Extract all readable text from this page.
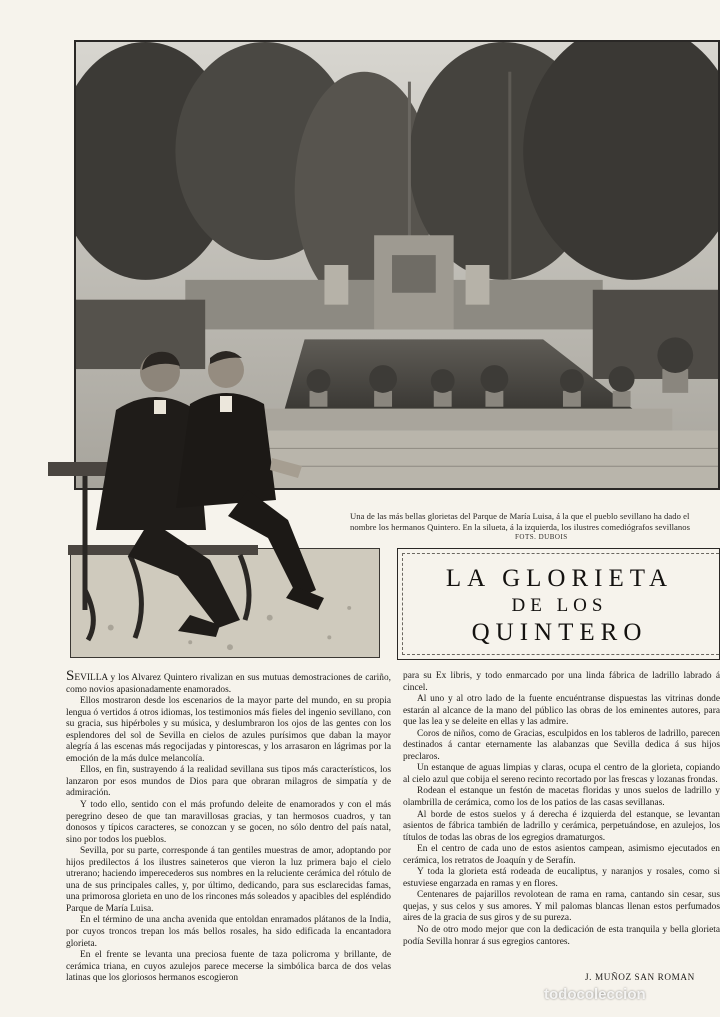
Una de las más bellas glorietas del Parque de María Luisa, á la que el pueblo sevillano ha dado el
nombre los hermanos Quintero. En la silueta, á la izquierda, los ilustres comediógrafos sevillanos
FOTS. DUBOIS
LA GLORIETA
DE LOS
QUINTERO

SEVILLA y los Alvarez Quintero rivalizan en sus mutuas demostraciones de cariño, como novios apasionadamente enamorados.

Ellos mostraron desde los escenarios de la mayor parte del mundo, en su propia lengua ó vertidos á otros idiomas, los testimonios más fieles del ingenio sevillano, con su gracia, sus hipérboles y su música, y deslumbraron los ojos de las gentes con los esplendores del sol de Sevilla en cielos de azules purísimos que daban la mayor alegría á las escenas más regocijadas y pintorescas, y los arrasaron en lágrimas por la emoción de la más dulce melancolía.

Ellos, en fin, sustrayendo á la realidad sevillana sus tipos más característicos, los lanzaron por esos mundos de Dios para que obraran milagros de simpatía y de admiración.

Y todo ello, sentido con el más profundo deleite de enamorados y con el más peregrino deseo de que tan maravillosas gracias, y tan hermosos cuadros, y tan donosos y típicos caracteres, se conozcan y se gocen, no sólo dentro del país natal, sino por todos los pueblos.

Sevilla, por su parte, corresponde á tan gentiles muestras de amor, adoptando por hijos predilectos á los ilustres saineteros que vieron la luz primera bajo el cielo utrerano; haciendo imperecederos sus nombres en la reluciente cerámica del rótulo de una de sus principales calles, y, por último, dedicando, para sus esclarecidas famas, una primorosa glorieta en uno de los rincones más soleados y apacibles del espléndido Parque de María Luisa.

En el término de una ancha avenida que entoldan enramados plátanos de la India, por cuyos troncos trepan los más bellos rosales, ha sido edificada la encantadora glorieta.

En el frente se levanta una preciosa fuente de taza policroma y brillante, de cerámica triana, en cuyos azulejos parece mecerse la simbólica barca de dos velas latinas que los gloriosos hermanos escogieron

para su Ex libris, y todo enmarcado por una linda fábrica de ladrillo labrado á cincel.

Al uno y al otro lado de la fuente encuéntranse dispuestas las vitrinas donde estarán al alcance de la mano del público las obras de los eminentes autores, para que las lea y se deleite en ellas y las admire.

Coros de niños, como de Gracias, esculpidos en los tableros de ladrillo, parecen destinados á cantar eternamente las alabanzas que Sevilla dedica á sus hijos preclaros.

Un estanque de aguas limpias y claras, ocupa el centro de la glorieta, copiando al cielo azul que cobija el sereno recinto recortado por las frescas y lozanas frondas.

Rodean el estanque un festón de macetas floridas y unos suelos de ladrillo y olambrilla de cerámica, como los de los patios de las casas sevillanas.

Al borde de estos suelos y á derecha é izquierda del estanque, se levantan asientos de fábrica también de ladrillo y cerámica, perpetuándose, en azulejos, los títulos de todas las obras de los egregios dramaturgos.

En el centro de cada uno de estos asientos campean, asimismo ejecutados en cerámica, los retratos de Joaquín y de Serafín.

Y toda la glorieta está rodeada de eucaliptus, y naranjos y rosales, como si estuviese engarzada en ramas y en flores.

Centenares de pajarillos revolotean de rama en rama, cantando sin cesar, sus quejas, y sus celos y sus amores. Y mil palomas blancas llenan estos perfumados aires de la gracia de sus giros y de su pureza.

No de otro modo mejor que con la dedicación de esta tranquila y bella glorieta podía Sevilla honrar á sus egregios cantores.

J. MUÑOZ SAN ROMAN
todocoleccion
